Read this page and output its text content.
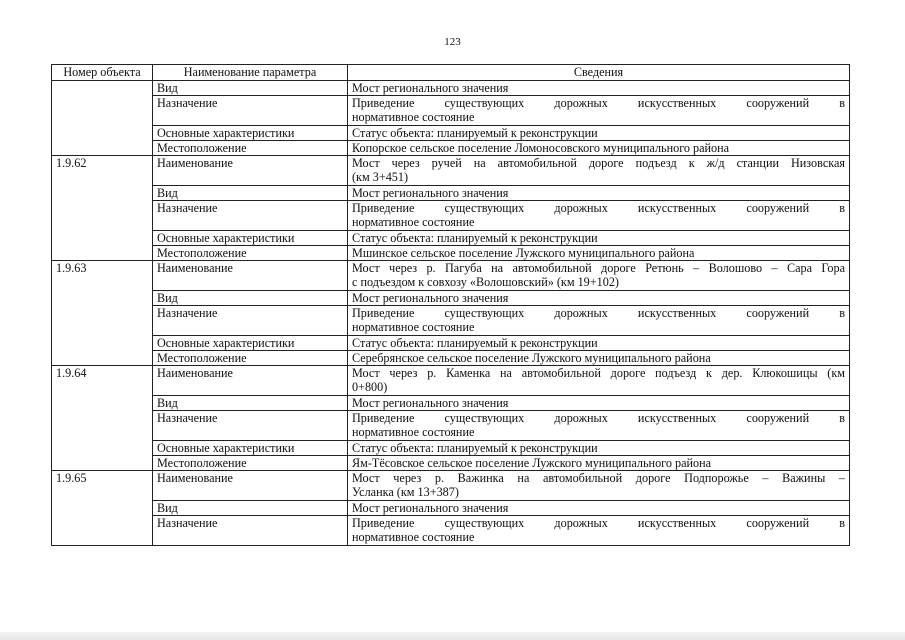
123
Номер объекта	Наименование параметра	Сведения
	Вид	Мост регионального значения
	Назначение	Приведение существующих дорожных искусственных сооружений в
нормативное состояние

	Основные характеристики	Статус объекта: планируемый к реконструкции
	Местоположение	Копорское сельское поселение Ломоносовского муниципального района
1.9.62	Наименование	Мост через ручей на автомобильной дороге подъезд к ж/д станции Низовская
(км 3+451)

	Вид	Мост регионального значения
	Назначение	Приведение существующих дорожных искусственных сооружений в
нормативное состояние

	Основные характеристики	Статус объекта: планируемый к реконструкции
	Местоположение	Мшинское сельское поселение Лужского муниципального района
1.9.63	Наименование	Мост через р. Пагуба на автомобильной дороге Ретюнь – Волошово – Сара Гора
с подъездом к совхозу «Волошовский» (км 19+102)

	Вид	Мост регионального значения
	Назначение	Приведение существующих дорожных искусственных сооружений в
нормативное состояние

	Основные характеристики	Статус объекта: планируемый к реконструкции
	Местоположение	Серебрянское сельское поселение Лужского муниципального района
1.9.64	Наименование	Мост через р. Каменка на автомобильной дороге подъезд к дер. Клюкошицы (км
0+800)

	Вид	Мост регионального значения
	Назначение	Приведение существующих дорожных искусственных сооружений в
нормативное состояние

	Основные характеристики	Статус объекта: планируемый к реконструкции
	Местоположение	Ям-Тёсовское сельское поселение Лужского муниципального района
1.9.65	Наименование	Мост через р. Важинка на автомобильной дороге Подпорожье – Важины –
Усланка (км 13+387)

	Вид	Мост регионального значения
	Назначение	Приведение существующих дорожных искусственных сооружений в
нормативное состояние
